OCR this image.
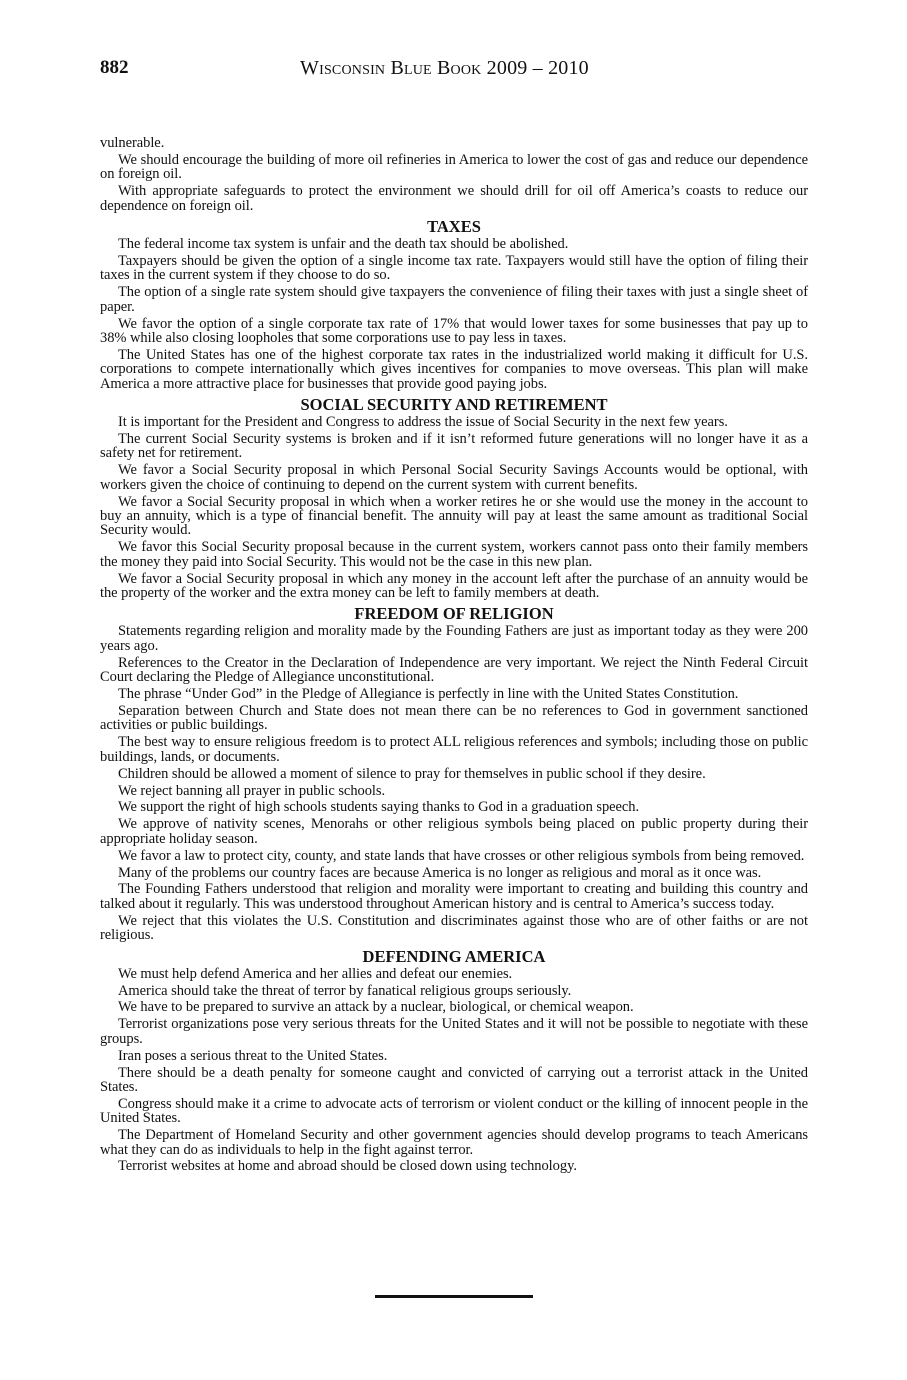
882	Wisconsin Blue Book 2009 – 2010

vulnerable.

We should encourage the building of more oil refineries in America to lower the cost of gas and reduce our dependence on foreign oil.

With appropriate safeguards to protect the environment we should drill for oil off America’s coasts to reduce our dependence on foreign oil.

TAXES

The federal income tax system is unfair and the death tax should be abolished.

Taxpayers should be given the option of a single income tax rate. Taxpayers would still have the option of filing their taxes in the current system if they choose to do so.

The option of a single rate system should give taxpayers the convenience of filing their taxes with just a single sheet of paper.

We favor the option of a single corporate tax rate of 17% that would lower taxes for some businesses that pay up to 38% while also closing loopholes that some corporations use to pay less in taxes.

The United States has one of the highest corporate tax rates in the industrialized world making it difficult for U.S. corporations to compete internationally which gives incentives for companies to move overseas. This plan will make America a more attractive place for businesses that provide good paying jobs.

SOCIAL SECURITY AND RETIREMENT

It is important for the President and Congress to address the issue of Social Security in the next few years.

The current Social Security systems is broken and if it isn’t reformed future generations will no longer have it as a safety net for retirement.

We favor a Social Security proposal in which Personal Social Security Savings Accounts would be optional, with workers given the choice of continuing to depend on the current system with current benefits.

We favor a Social Security proposal in which when a worker retires he or she would use the money in the account to buy an annuity, which is a type of financial benefit. The annuity will pay at least the same amount as traditional Social Security would.

We favor this Social Security proposal because in the current system, workers cannot pass onto their family members the money they paid into Social Security. This would not be the case in this new plan.

We favor a Social Security proposal in which any money in the account left after the purchase of an annuity would be the property of the worker and the extra money can be left to family members at death.

FREEDOM OF RELIGION

Statements regarding religion and morality made by the Founding Fathers are just as important today as they were 200 years ago.

References to the Creator in the Declaration of Independence are very important. We reject the Ninth Federal Circuit Court declaring the Pledge of Allegiance unconstitutional.

The phrase “Under God” in the Pledge of Allegiance is perfectly in line with the United States Constitution.

Separation between Church and State does not mean there can be no references to God in government sanctioned activities or public buildings.

The best way to ensure religious freedom is to protect ALL religious references and symbols; including those on public buildings, lands, or documents.

Children should be allowed a moment of silence to pray for themselves in public school if they desire.

We reject banning all prayer in public schools.

We support the right of high schools students saying thanks to God in a graduation speech.

We approve of nativity scenes, Menorahs or other religious symbols being placed on public property during their appropriate holiday season.

We favor a law to protect city, county, and state lands that have crosses or other religious symbols from being removed.

Many of the problems our country faces are because America is no longer as religious and moral as it once was.

The Founding Fathers understood that religion and morality were important to creating and building this country and talked about it regularly. This was understood throughout American history and is central to America’s success today.

We reject that this violates the U.S. Constitution and discriminates against those who are of other faiths or are not religious.

DEFENDING AMERICA

We must help defend America and her allies and defeat our enemies.

America should take the threat of terror by fanatical religious groups seriously.

We have to be prepared to survive an attack by a nuclear, biological, or chemical weapon.

Terrorist organizations pose very serious threats for the United States and it will not be possible to negotiate with these groups.

Iran poses a serious threat to the United States.

There should be a death penalty for someone caught and convicted of carrying out a terrorist attack in the United States.

Congress should make it a crime to advocate acts of terrorism or violent conduct or the killing of innocent people in the United States.

The Department of Homeland Security and other government agencies should develop programs to teach Americans what they can do as individuals to help in the fight against terror.

Terrorist websites at home and abroad should be closed down using technology.
